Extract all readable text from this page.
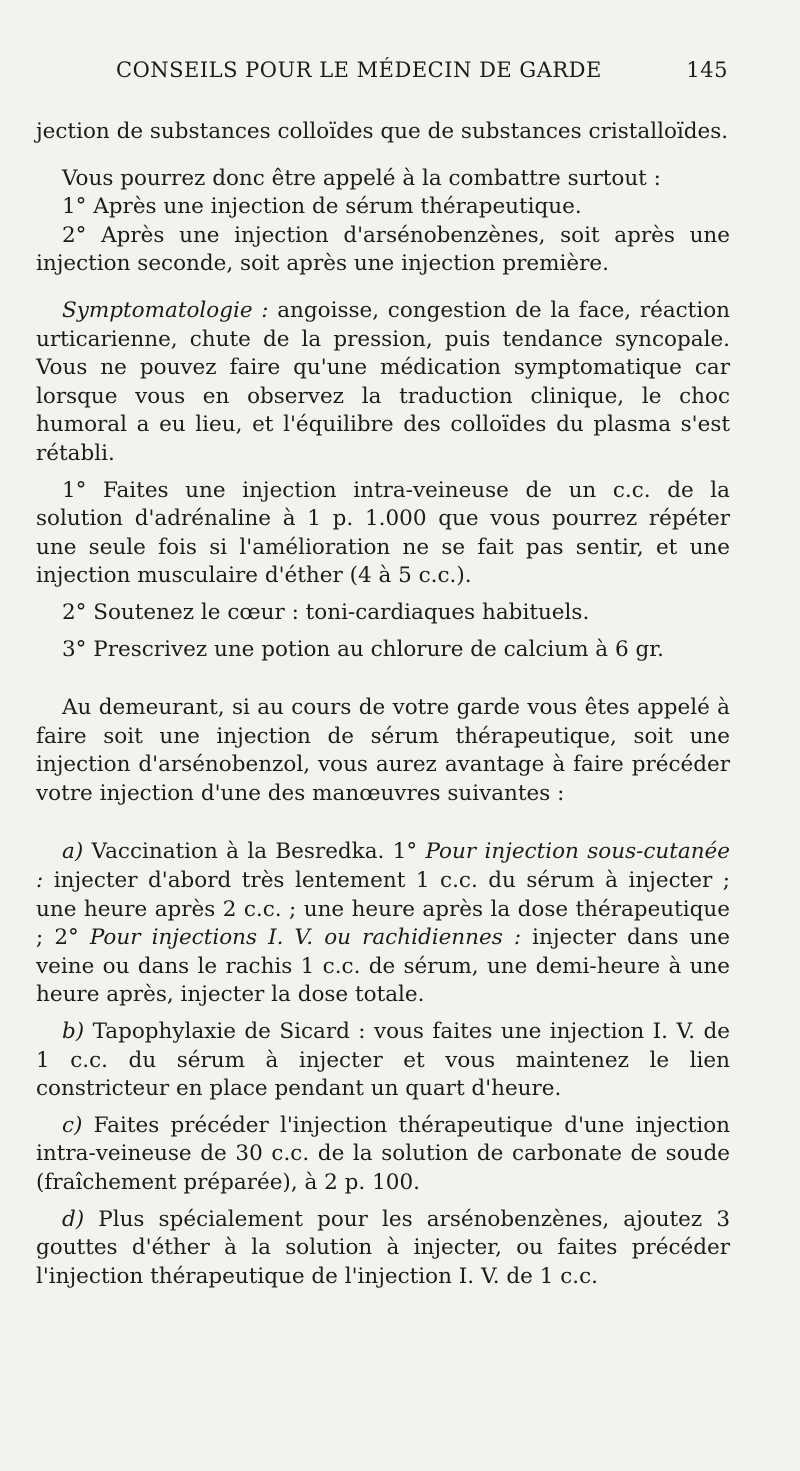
CONSEILS POUR LE MÉDECIN DE GARDE	145

jection de substances colloïdes que de substances cristalloïdes.

Vous pourrez donc être appelé à la combattre surtout :

1° Après une injection de sérum thérapeutique.

2° Après une injection d'arsénobenzènes, soit après une injection seconde, soit après une injection première.

Symptomatologie : angoisse, congestion de la face, réaction urticarienne, chute de la pression, puis tendance syncopale. Vous ne pouvez faire qu'une médication symptomatique car lorsque vous en observez la traduction clinique, le choc humoral a eu lieu, et l'équilibre des colloïdes du plasma s'est rétabli.

1° Faites une injection intra-veineuse de un c.c. de la solution d'adrénaline à 1 p. 1.000 que vous pourrez répéter une seule fois si l'amélioration ne se fait pas sentir, et une injection musculaire d'éther (4 à 5 c.c.).

2° Soutenez le cœur : toni-cardiaques habituels.

3° Prescrivez une potion au chlorure de calcium à 6 gr.

Au demeurant, si au cours de votre garde vous êtes appelé à faire soit une injection de sérum thérapeutique, soit une injection d'arsénobenzol, vous aurez avantage à faire précéder votre injection d'une des manœuvres suivantes :

a) Vaccination à la Besredka. 1° Pour injection sous-cutanée : injecter d'abord très lentement 1 c.c. du sérum à injecter ; une heure après 2 c.c. ; une heure après la dose thérapeutique ; 2° Pour injections I. V. ou rachidiennes : injecter dans une veine ou dans le rachis 1 c.c. de sérum, une demi-heure à une heure après, injecter la dose totale.

b) Tapophylaxie de Sicard : vous faites une injection I. V. de 1 c.c. du sérum à injecter et vous maintenez le lien constricteur en place pendant un quart d'heure.

c) Faites précéder l'injection thérapeutique d'une injection intra-veineuse de 30 c.c. de la solution de carbonate de soude (fraîchement préparée), à 2 p. 100.

d) Plus spécialement pour les arsénobenzènes, ajoutez 3 gouttes d'éther à la solution à injecter, ou faites précéder l'injection thérapeutique de l'injection I. V. de 1 c.c.
